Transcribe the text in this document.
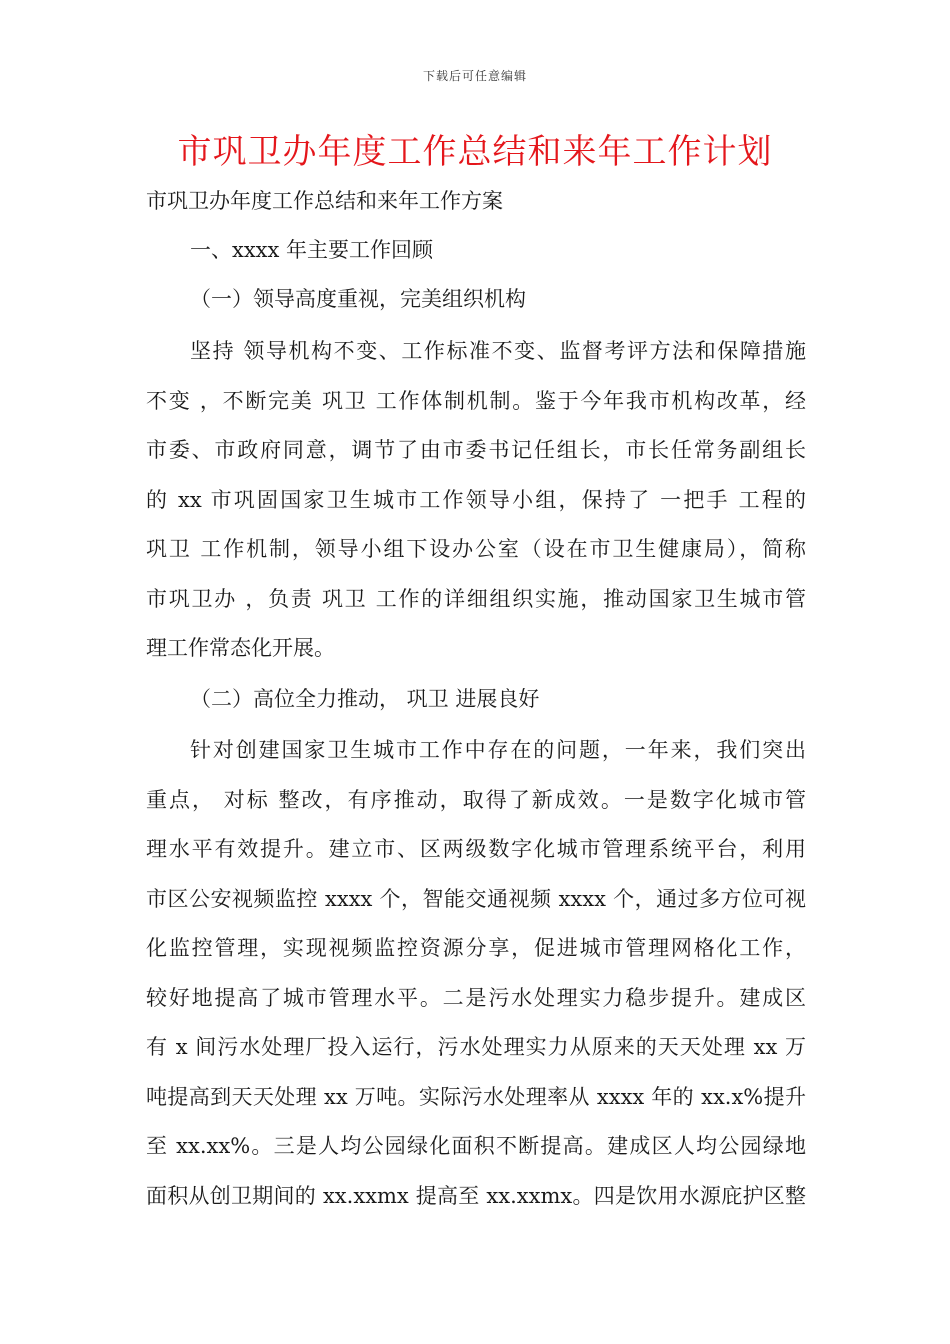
下载后可任意编辑
市巩卫办年度工作总结和来年工作计划
市巩卫办年度工作总结和来年工作方案
一、xxxx 年主要工作回顾
（一）领导高度重视，完美组织机构
坚持 领导机构不变、工作标准不变、监督考评方法和保障措施
不变 ，不断完美 巩卫 工作体制机制。鉴于今年我市机构改革，经
市委、市政府同意，调节了由市委书记任组长，市长任常务副组长
的 xx 市巩固国家卫生城市工作领导小组，保持了 一把手 工程的
巩卫 工作机制，领导小组下设办公室（设在市卫生健康局），简称
市巩卫办 ，负责 巩卫 工作的详细组织实施，推动国家卫生城市管
理工作常态化开展。
（二）高位全力推动， 巩卫 进展良好
针对创建国家卫生城市工作中存在的问题，一年来，我们突出
重点， 对标 整改，有序推动，取得了新成效。一是数字化城市管
理水平有效提升。建立市、区两级数字化城市管理系统平台，利用
市区公安视频监控 xxxx 个，智能交通视频 xxxx 个，通过多方位可视
化监控管理，实现视频监控资源分享，促进城市管理网格化工作，
较好地提高了城市管理水平。二是污水处理实力稳步提升。建成区
有 x 间污水处理厂投入运行，污水处理实力从原来的天天处理 xx 万
吨提高到天天处理 xx 万吨。实际污水处理率从 xxxx 年的 xx.x%提升
至 xx.xx%。三是人均公园绿化面积不断提高。建成区人均公园绿地
面积从创卫期间的 xx.xxmx 提高至 xx.xxmx。四是饮用水源庇护区整
